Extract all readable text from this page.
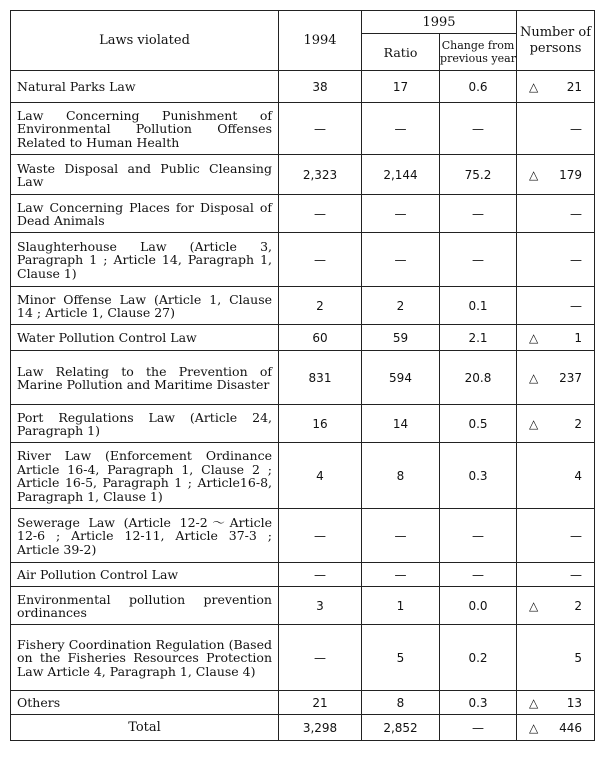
Laws violated	1994	1995		Number of persons
		Ratio	Change from previous year	
Natural Parks Law	38	17	0.6	△ 21

Law Concerning Punishment of Environmental Pollution Offenses Related to Human Health	—	—	—	—

Waste Disposal and Public Cleansing Law	2,323	2,144	75.2	△ 179

Law Concerning Places for Disposal of Dead Animals	—	—	—	—

Slaughterhouse Law (Article 3, Paragraph 1 ; Article 14, Paragraph 1, Clause 1)	—	—	—	—

Minor Offense Law (Article 1, Clause 14 ; Article 1, Clause 27)	2	2	0.1	—

Water Pollution Control Law	60	59	2.1	△ 1

Law Relating to the Prevention of Marine Pollution and Maritime Disaster	831	594	20.8	△ 237

Port Regulations Law (Article 24, Paragraph 1)	16	14	0.5	△ 2

River Law (Enforcement Ordinance Article 16-4, Paragraph 1, Clause 2 ; Article 16-5, Paragraph 1 ; Article16-8, Paragraph 1, Clause 1)	4	8	0.3	4

Sewerage Law (Article 12-2〜Article 12-6 ; Article 12-11, Article 37-3 ; Article 39-2)	—	—	—	—

Air Pollution Control Law	—	—	—	—

Environmental pollution prevention ordinances	3	1	0.0	△ 2

Fishery Coordination Regulation (Based on the Fisheries Resources Protection Law Article 4, Paragraph 1, Clause 4)	—	5	0.2	5

Others	21	8	0.3	△ 13

Total	3,298	2,852	—	△ 446
